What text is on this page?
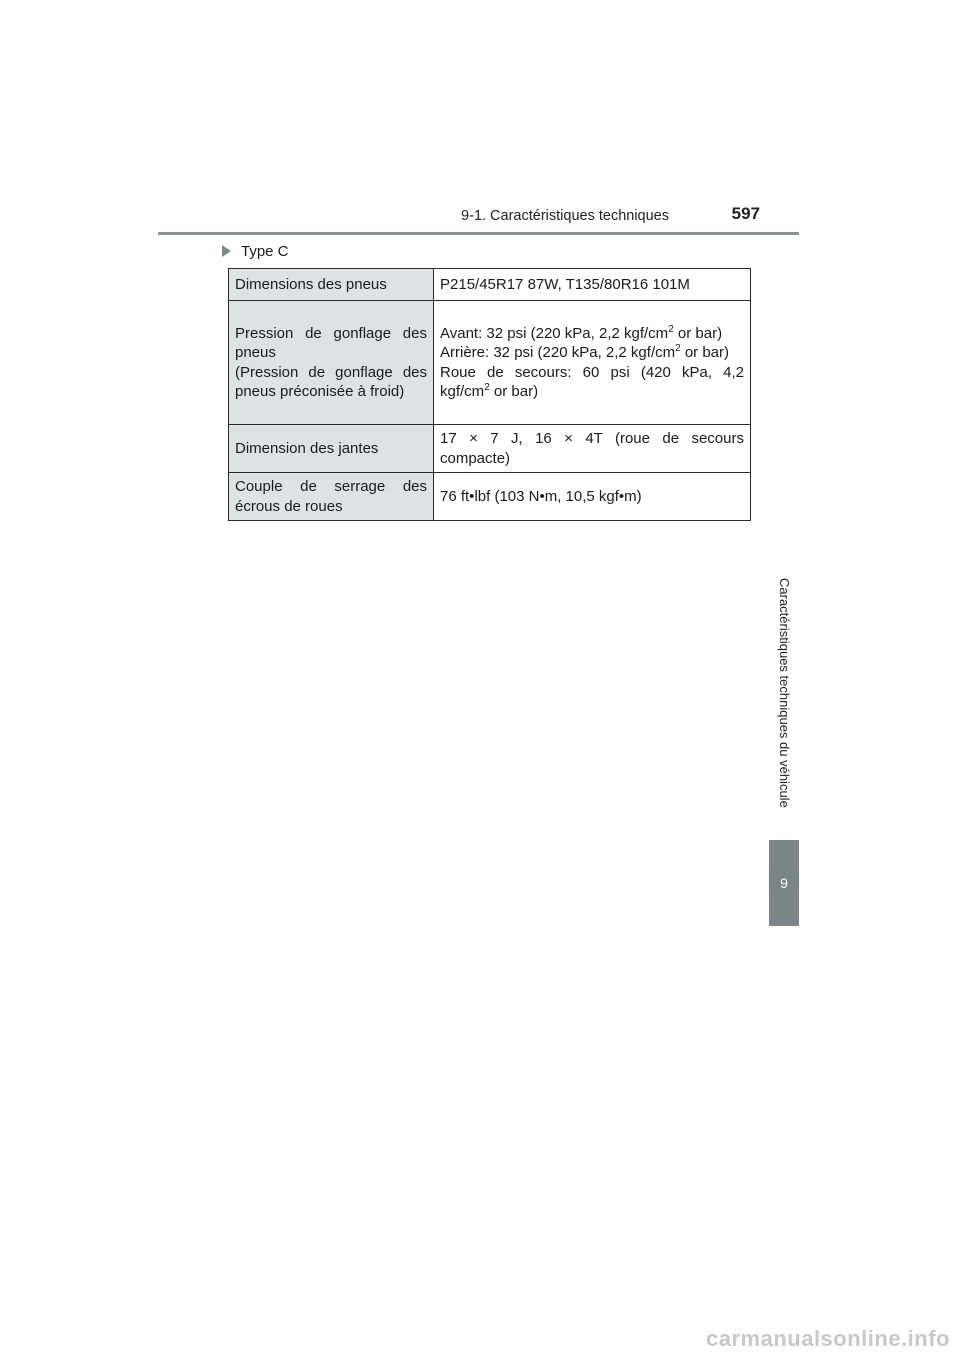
9-1. Caractéristiques techniques	597
Type C
Dimensions des pneus	P215/45R17 87W, T135/80R16 101M

Pression de gonflage des pneus
(Pression de gonflage des pneus préconisée à froid)	Avant: 32 psi (220 kPa, 2,2 kgf/$cm^2$ or bar)
Arrière: 32 psi (220 kPa, 2,2 kgf/$cm^2$ or bar)
Roue de secours: 60 psi (420 kPa, 4,2 kgf/$cm^2$ or bar)

Dimension des jantes	17 × 7 J, 16 × 4T (roue de secours compacte)

Couple de serrage des écrous de roues	76 ft•lbf (103 N•m, 10,5 kgf•m)
Caractéristiques techniques du véhicule
9
carmanualsonline.info
